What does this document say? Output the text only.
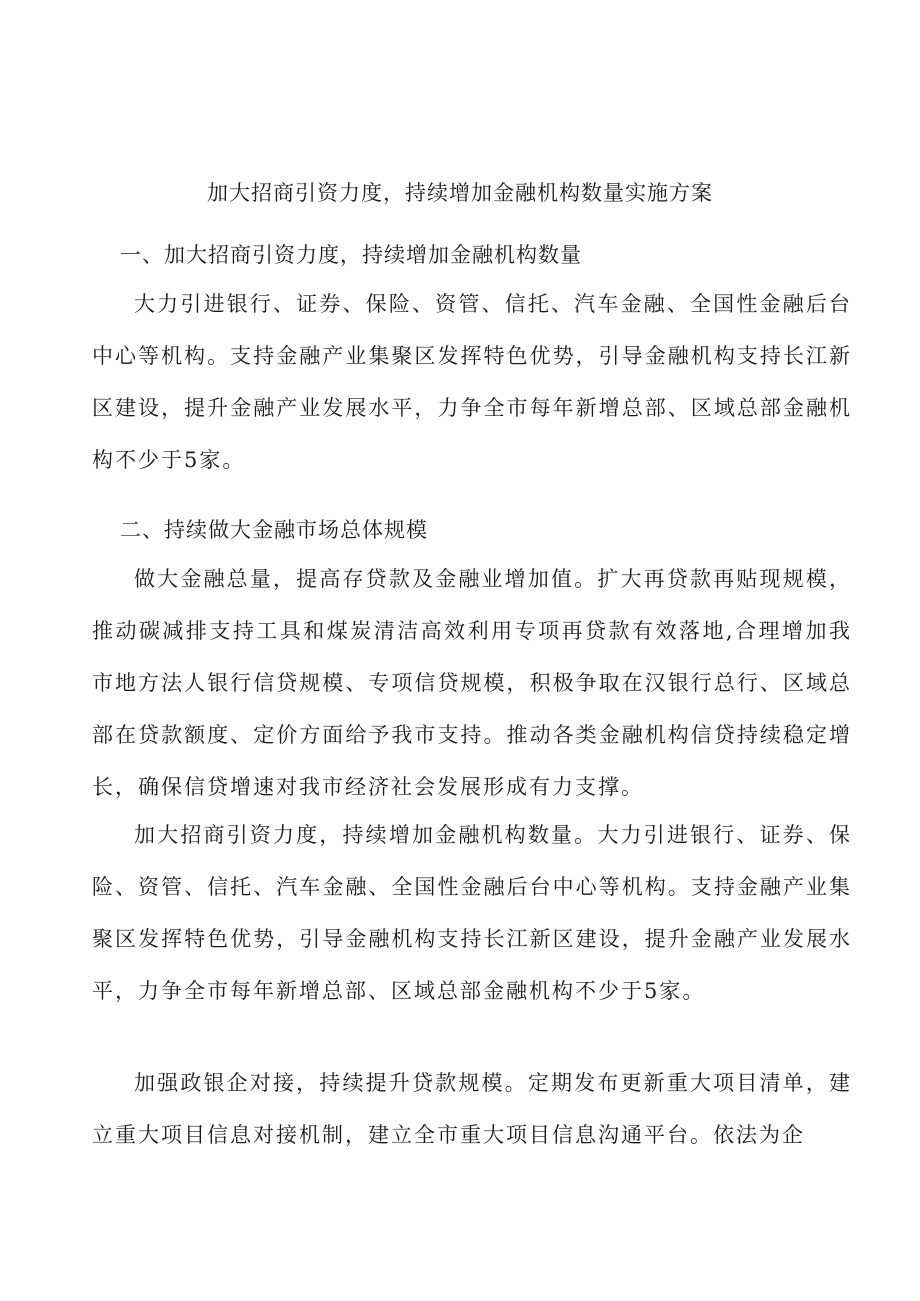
加大招商引资力度，持续增加金融机构数量实施方案
一、加大招商引资力度，持续增加金融机构数量

大力引进银行、证券、保险、资管、信托、汽车金融、全国性金融后台中心等机构。支持金融产业集聚区发挥特色优势，引导金融机构支持长江新区建设，提升金融产业发展水平，力争全市每年新增总部、区域总部金融机构不少于5家。

二、持续做大金融市场总体规模

做大金融总量，提高存贷款及金融业增加值。扩大再贷款再贴现规模，推动碳减排支持工具和煤炭清洁高效利用专项再贷款有效落地,合理增加我市地方法人银行信贷规模、专项信贷规模，积极争取在汉银行总行、区域总部在贷款额度、定价方面给予我市支持。推动各类金融机构信贷持续稳定增长，确保信贷增速对我市经济社会发展形成有力支撑。

加大招商引资力度，持续增加金融机构数量。大力引进银行、证券、保险、资管、信托、汽车金融、全国性金融后台中心等机构。支持金融产业集聚区发挥特色优势，引导金融机构支持长江新区建设，提升金融产业发展水平，力争全市每年新增总部、区域总部金融机构不少于5家。

加强政银企对接，持续提升贷款规模。定期发布更新重大项目清单，建立重大项目信息对接机制，建立全市重大项目信息沟通平台。依法为企
